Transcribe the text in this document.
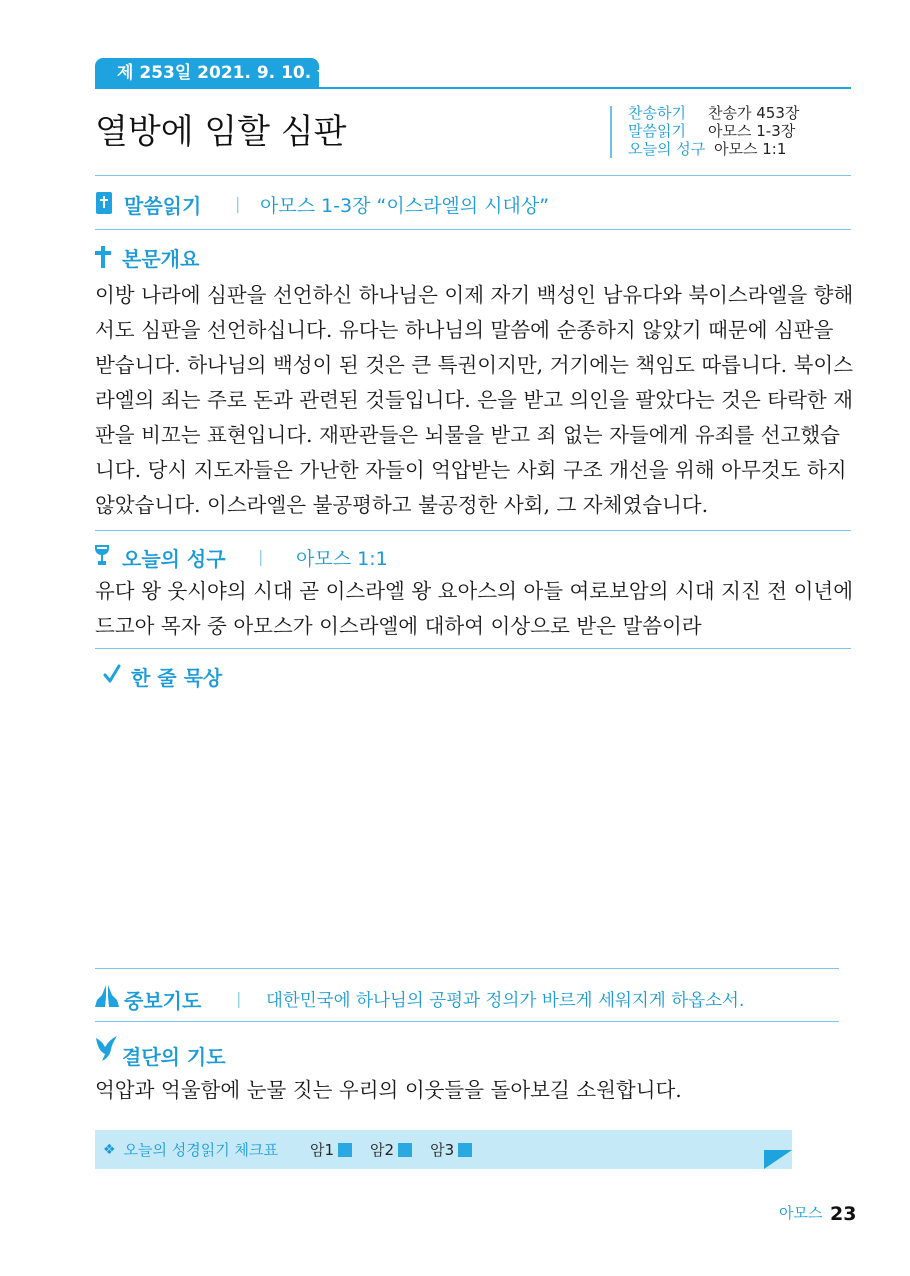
제 253일 2021. 9. 10. 금
열방에 임할 심판	찬송하기	찬송가 453장
말씀읽기	아모스 1-3장
오늘의 성구 아모스 1:1
말씀읽기 | 아모스 1-3장 “이스라엘의 시대상”
본문개요
이방 나라에 심판을 선언하신 하나님은 이제 자기 백성인 남유다와 북이스라엘을 향해
서도 심판을 선언하십니다. 유다는 하나님의 말씀에 순종하지 않았기 때문에 심판을
받습니다. 하나님의 백성이 된 것은 큰 특권이지만, 거기에는 책임도 따릅니다. 북이스
라엘의 죄는 주로 돈과 관련된 것들입니다. 은을 받고 의인을 팔았다는 것은 타락한 재
판을 비꼬는 표현입니다. 재판관들은 뇌물을 받고 죄 없는 자들에게 유죄를 선고했습
니다. 당시 지도자들은 가난한 자들이 억압받는 사회 구조 개선을 위해 아무것도 하지
않았습니다. 이스라엘은 불공평하고 불공정한 사회, 그 자체였습니다.
오늘의 성구 | 아모스 1:1
유다 왕 웃시야의 시대 곧 이스라엘 왕 요아스의 아들 여로보암의 시대 지진 전 이년에
드고아 목자 중 아모스가 이스라엘에 대하여 이상으로 받은 말씀이라
한 줄 묵상
중보기도 | 대한민국에 하나님의 공평과 정의가 바르게 세워지게 하옵소서.
결단의 기도
억압과 억울함에 눈물 짓는 우리의 이웃들을 돌아보길 소원합니다.
❖ 오늘의 성경읽기 체크표 암1 암2 암3
아모스 23
